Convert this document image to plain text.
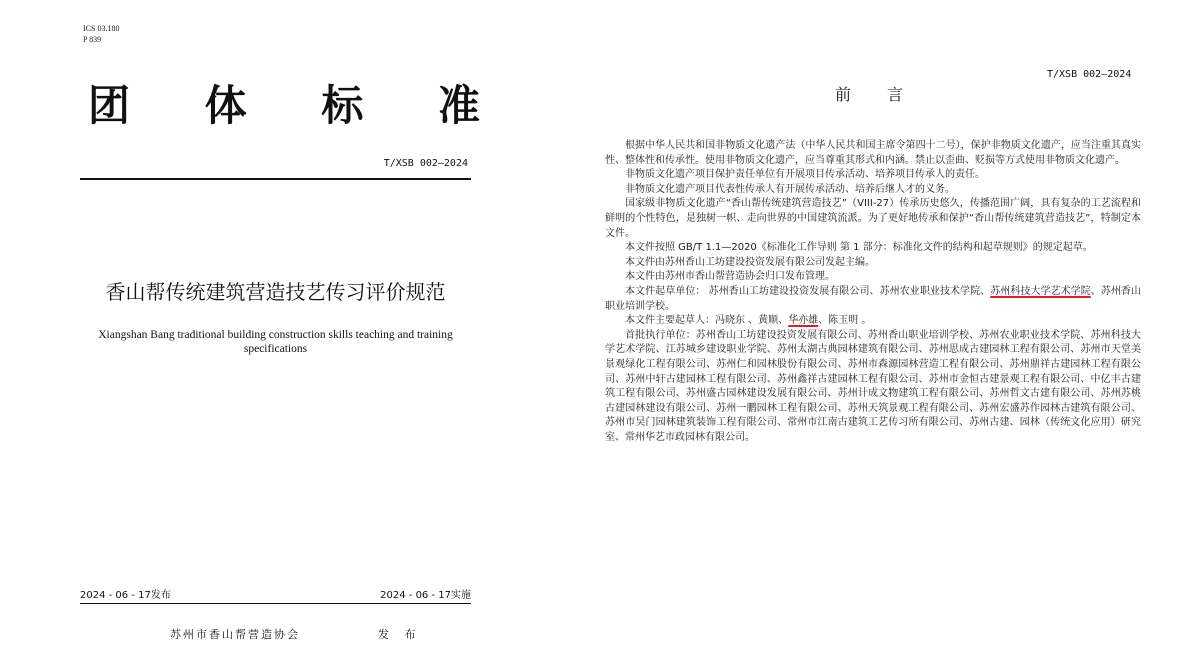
ICS 03.180
P 839
团 体 标 准
T/XSB 002—2024
香山帮传统建筑营造技艺传习评价规范
Xiangshan Bang traditional building construction skills teaching and training specifications
2024 - 06 - 17发布	2024 - 06 - 17实施
苏州市香山帮营造协会	发 布
T/XSB 002—2024
前 言

根据中华人民共和国非物质文化遗产法（中华人民共和国主席令第四十二号），保护非物质文化遗产，应当注重其真实性、整体性和传承性。使用非物质文化遗产，应当尊重其形式和内涵。禁止以歪曲、贬损等方式使用非物质文化遗产。

非物质文化遗产项目保护责任单位有开展项目传承活动、培养项目传承人的责任。

非物质文化遗产项目代表性传承人有开展传承活动、培养后继人才的义务。

国家级非物质文化遗产“香山帮传统建筑营造技艺”（VIII-27）传承历史悠久，传播范围广阔，具有复杂的工艺流程和鲜明的个性特色，是独树一帜、走向世界的中国建筑流派。为了更好地传承和保护“香山帮传统建筑营造技艺”，特制定本文件。

本文件按照 GB/T 1.1—2020《标准化工作导则 第 1 部分：标准化文件的结构和起草规则》的规定起草。

本文件由苏州香山工坊建设投资发展有限公司发起主编。

本文件由苏州市香山帮营造协会归口发布管理。

本文件起草单位： 苏州香山工坊建设投资发展有限公司、苏州农业职业技术学院、苏州科技大学艺术学院、苏州香山职业培训学校。

本文件主要起草人：冯晓东 、黄顺、华亦雄、陈玉明 。

首批执行单位：苏州香山工坊建设投资发展有限公司、苏州香山职业培训学校、苏州农业职业技术学院、苏州科技大学艺术学院、江苏城乡建设职业学院、苏州太湖古典园林建筑有限公司、苏州思成古建园林工程有限公司、苏州市天堂美景观绿化工程有限公司、苏州仁和园林股份有限公司、苏州市森源园林营造工程有限公司、苏州鼎祥古建园林工程有限公司、苏州中轩古建园林工程有限公司、苏州鑫祥古建园林工程有限公司、苏州市金恒古建景观工程有限公司、中亿丰古建筑工程有限公司、苏州盛古园林建设发展有限公司、苏州计成文物建筑工程有限公司、苏州哲文古建有限公司、苏州苏桃古建园林建设有限公司、苏州一鹏园林工程有限公司、苏州天筑景观工程有限公司、苏州宏盛苏作园林古建筑有限公司、苏州市吴门园林建筑装饰工程有限公司、常州市江南古建筑工艺传习所有限公司、苏州古建、园林（传统文化应用）研究室、常州华艺市政园林有限公司。
